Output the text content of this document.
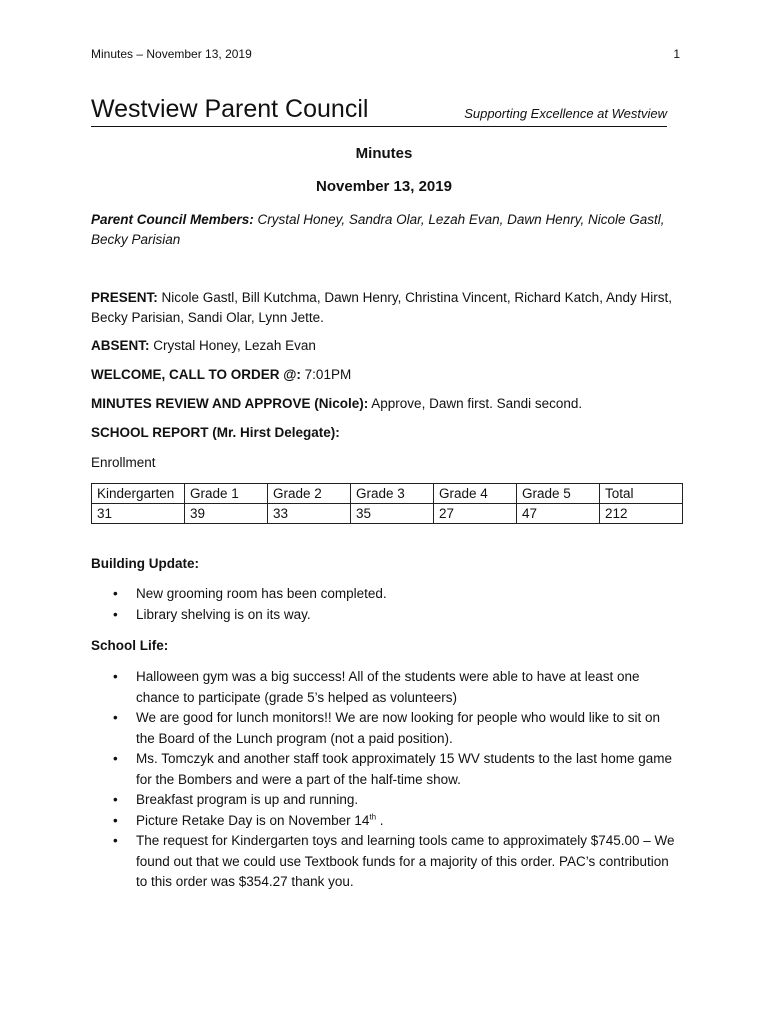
Minutes – November 13, 2019	1
Westview Parent Council	Supporting Excellence at Westview
Minutes
November 13, 2019
Parent Council Members: Crystal Honey, Sandra Olar, Lezah Evan, Dawn Henry, Nicole Gastl, Becky Parisian
PRESENT: Nicole Gastl, Bill Kutchma, Dawn Henry, Christina Vincent, Richard Katch, Andy Hirst, Becky Parisian, Sandi Olar, Lynn Jette.
ABSENT: Crystal Honey, Lezah Evan
WELCOME, CALL TO ORDER @: 7:01PM
MINUTES REVIEW AND APPROVE (Nicole): Approve, Dawn first. Sandi second.
SCHOOL REPORT (Mr. Hirst Delegate):
Enrollment
Kindergarten	Grade 1	Grade 2	Grade 3	Grade 4	Grade 5	Total
31	39	33	35	27	47	212
Building Update:
• New grooming room has been completed.
• Library shelving is on its way.
School Life:
• Halloween gym was a big success! All of the students were able to have at least one chance to participate (grade 5’s helped as volunteers)
• We are good for lunch monitors!! We are now looking for people who would like to sit on the Board of the Lunch program (not a paid position).
• Ms. Tomczyk and another staff took approximately 15 WV students to the last home game for the Bombers and were a part of the half-time show.
• Breakfast program is up and running.
• Picture Retake Day is on November 14th .
• The request for Kindergarten toys and learning tools came to approximately $745.00 – We found out that we could use Textbook funds for a majority of this order. PAC’s contribution to this order was $354.27 thank you.
